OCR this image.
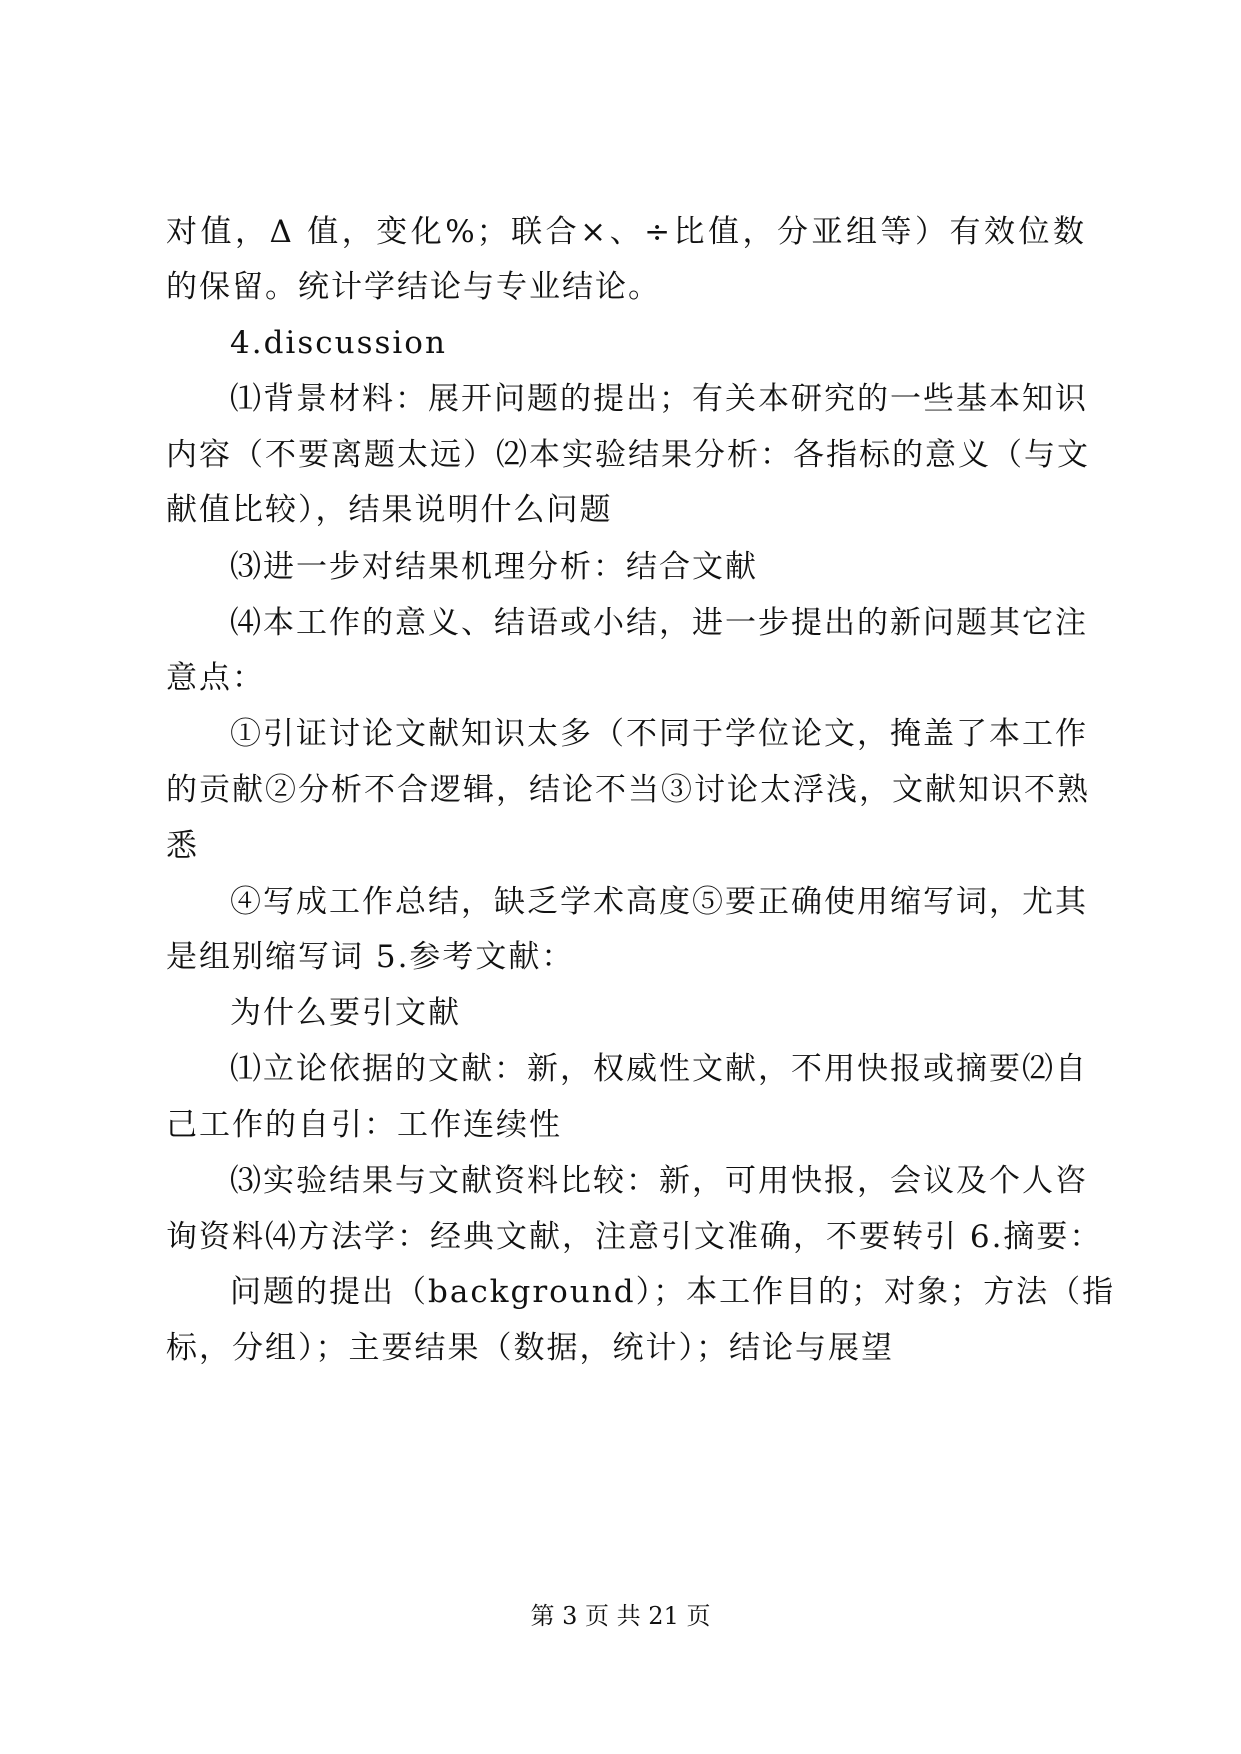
对值，Δ 值，变化%；联合×、÷比值，分亚组等）有效位数
的保留。统计学结论与专业结论。
4.discussion
⑴背景材料：展开问题的提出；有关本研究的一些基本知识
内容（不要离题太远）⑵本实验结果分析：各指标的意义（与文
献值比较），结果说明什么问题
⑶进一步对结果机理分析：结合文献
⑷本工作的意义、结语或小结，进一步提出的新问题其它注
意点：
①引证讨论文献知识太多（不同于学位论文，掩盖了本工作
的贡献②分析不合逻辑，结论不当③讨论太浮浅，文献知识不熟
悉
④写成工作总结，缺乏学术高度⑤要正确使用缩写词，尤其
是组别缩写词 5.参考文献：
为什么要引文献
⑴立论依据的文献：新，权威性文献，不用快报或摘要⑵自
己工作的自引：工作连续性
⑶实验结果与文献资料比较：新，可用快报，会议及个人咨
询资料⑷方法学：经典文献，注意引文准确，不要转引 6.摘要：
问题的提出（background）；本工作目的；对象；方法（指
标，分组）；主要结果（数据，统计）；结论与展望
第 3 页 共 21 页
